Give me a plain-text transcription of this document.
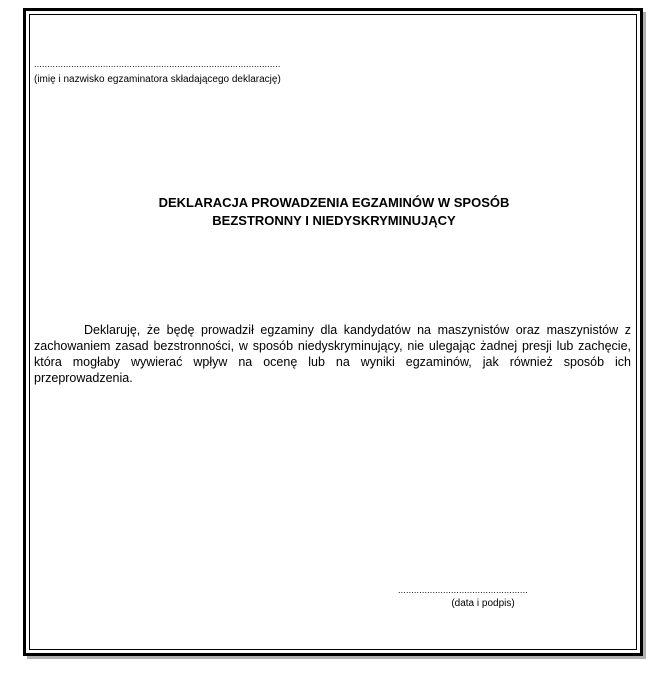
.............................................................................................
(imię i nazwisko egzaminatora składającego deklarację)
DEKLARACJA PROWADZENIA EGZAMINÓW W SPOSÓB
BEZSTRONNY I NIEDYSKRYMINUJĄCY

Deklaruję, że będę prowadził egzaminy dla kandydatów na maszynistów oraz maszynistów z zachowaniem zasad bezstronności, w sposób niedyskryminujący, nie ulegając żadnej presji lub zachęcie, która mogłaby wywierać wpływ na ocenę lub na wyniki egzaminów, jak również sposób ich przeprowadzenia.

.................................................
(data i podpis)
